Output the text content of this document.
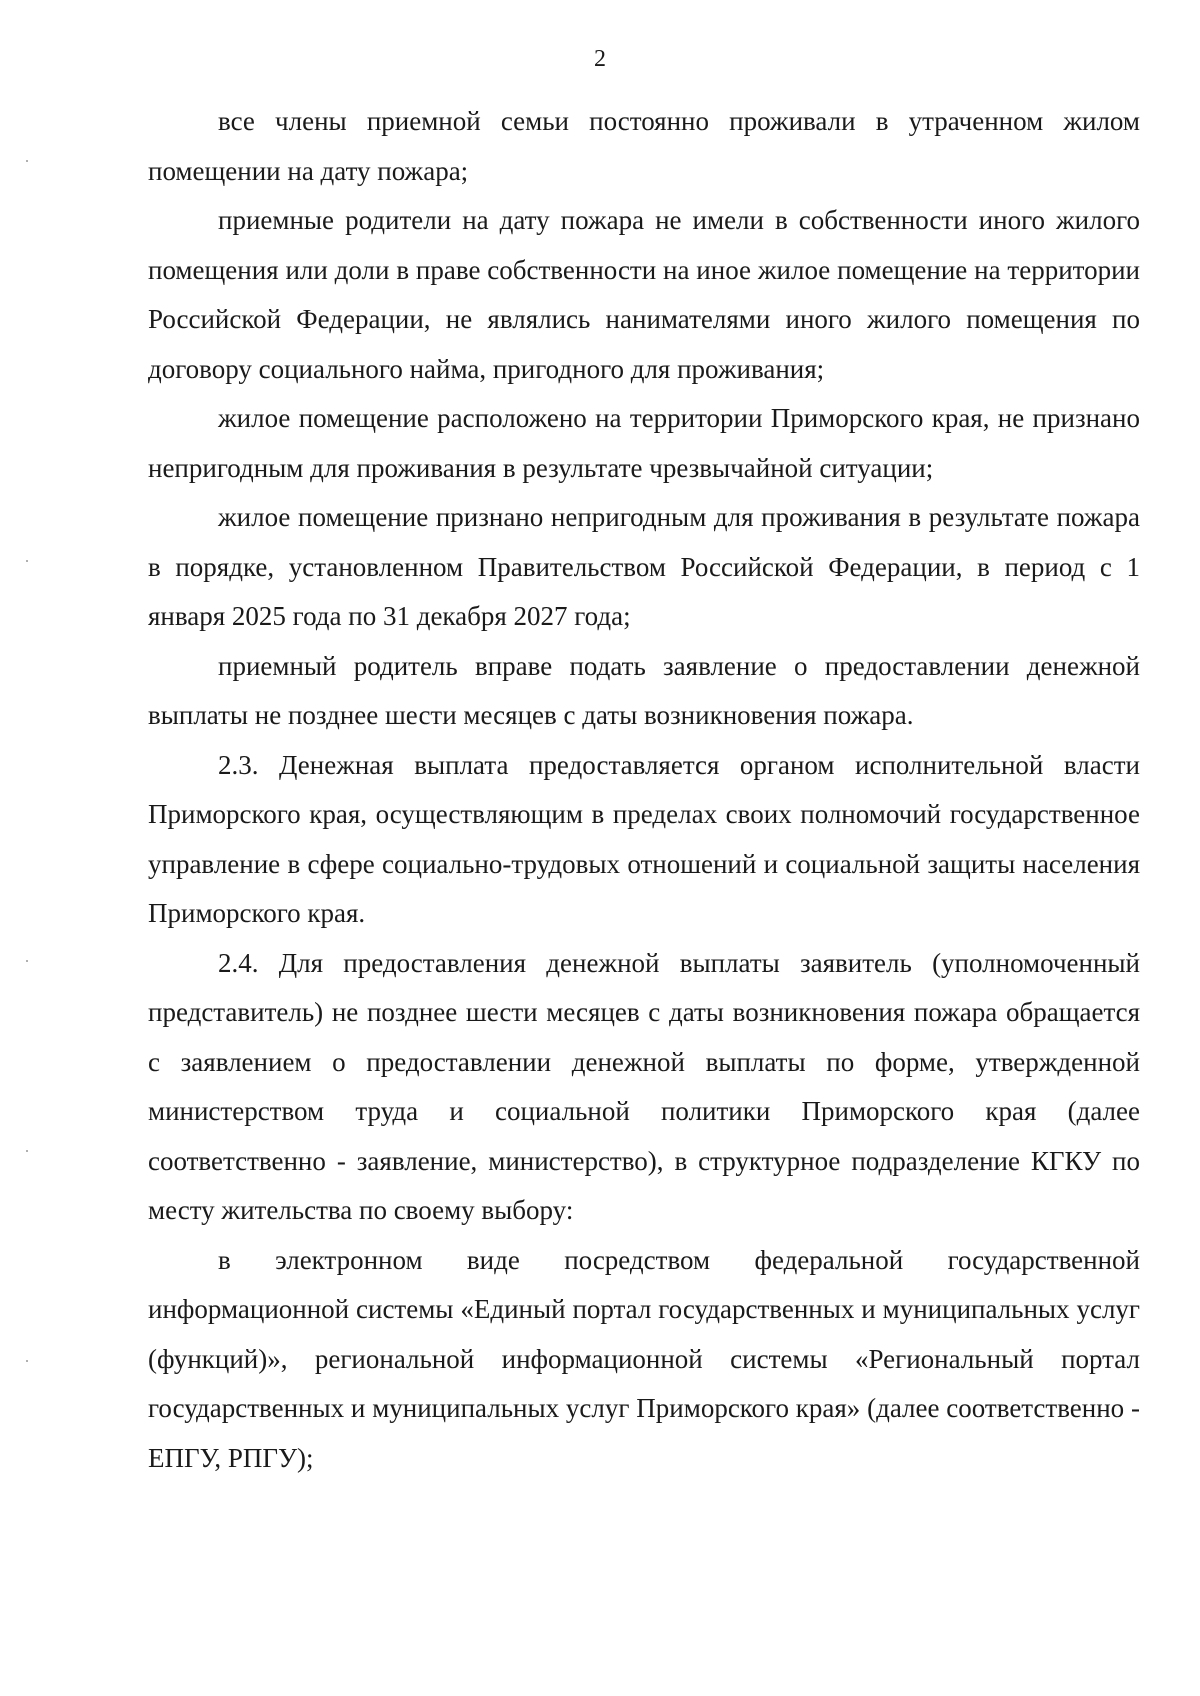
2

все члены приемной семьи постоянно проживали в утраченном жилом помещении на дату пожара;

приемные родители на дату пожара не имели в собственности иного жилого помещения или доли в праве собственности на иное жилое помещение на территории Российской Федерации, не являлись нанимателями иного жилого помещения по договору социального найма, пригодного для проживания;

жилое помещение расположено на территории Приморского края, не признано непригодным для проживания в результате чрезвычайной ситуации;

жилое помещение признано непригодным для проживания в результате пожара в порядке, установленном Правительством Российской Федерации, в период с 1 января 2025 года по 31 декабря 2027 года;

приемный родитель вправе подать заявление о предоставлении денежной выплаты не позднее шести месяцев с даты возникновения пожара.

2.3. Денежная выплата предоставляется органом исполнительной власти Приморского края, осуществляющим в пределах своих полномочий государственное управление в сфере социально-трудовых отношений и социальной защиты населения Приморского края.

2.4. Для предоставления денежной выплаты заявитель (уполномоченный представитель) не позднее шести месяцев с даты возникновения пожара обращается с заявлением о предоставлении денежной выплаты по форме, утвержденной министерством труда и социальной политики Приморского края (далее соответственно - заявление, министерство), в структурное подразделение КГКУ по месту жительства по своему выбору:

в электронном виде посредством федеральной государственной информационной системы «Единый портал государственных и муниципальных услуг (функций)», региональной информационной системы «Региональный портал государственных и муниципальных услуг Приморского края» (далее соответственно - ЕПГУ, РПГУ);
